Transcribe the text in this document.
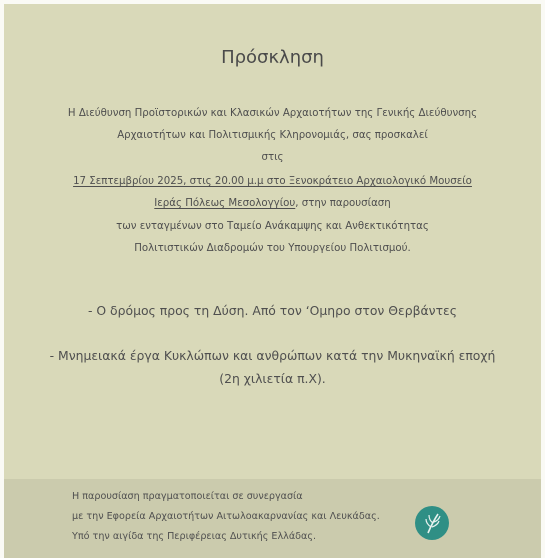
Πρόσκληση
Η Διεύθυνση Προϊστορικών και Κλασικών Αρχαιοτήτων της Γενικής Διεύθυνσης
Αρχαιοτήτων και Πολιτισμικής Κληρονομιάς, σας προσκαλεί
στις
17 Σεπτεμβρίου 2025, στις 20.00 μ.μ στο Ξενοκράτειο Αρχαιολογικό Μουσείο
Ιεράς Πόλεως Μεσολογγίου, στην παρουσίαση
των ενταγμένων στο Ταμείο Ανάκαμψης και Ανθεκτικότητας
Πολιτιστικών Διαδρομών του Υπουργείου Πολιτισμού.
- Ο δρόμος προς τη Δύση. Από τον ‘Ομηρο στον Θερβάντες
- Μνημειακά έργα Κυκλώπων και ανθρώπων κατά την Μυκηναϊκή εποχή
(2η χιλιετία π.Χ).
Η παρουσίαση πραγματοποιείται σε συνεργασία
με την Εφορεία Αρχαιοτήτων Αιτωλοακαρνανίας και Λευκάδας.
Υπό την αιγίδα της Περιφέρειας Δυτικής Ελλάδας.
